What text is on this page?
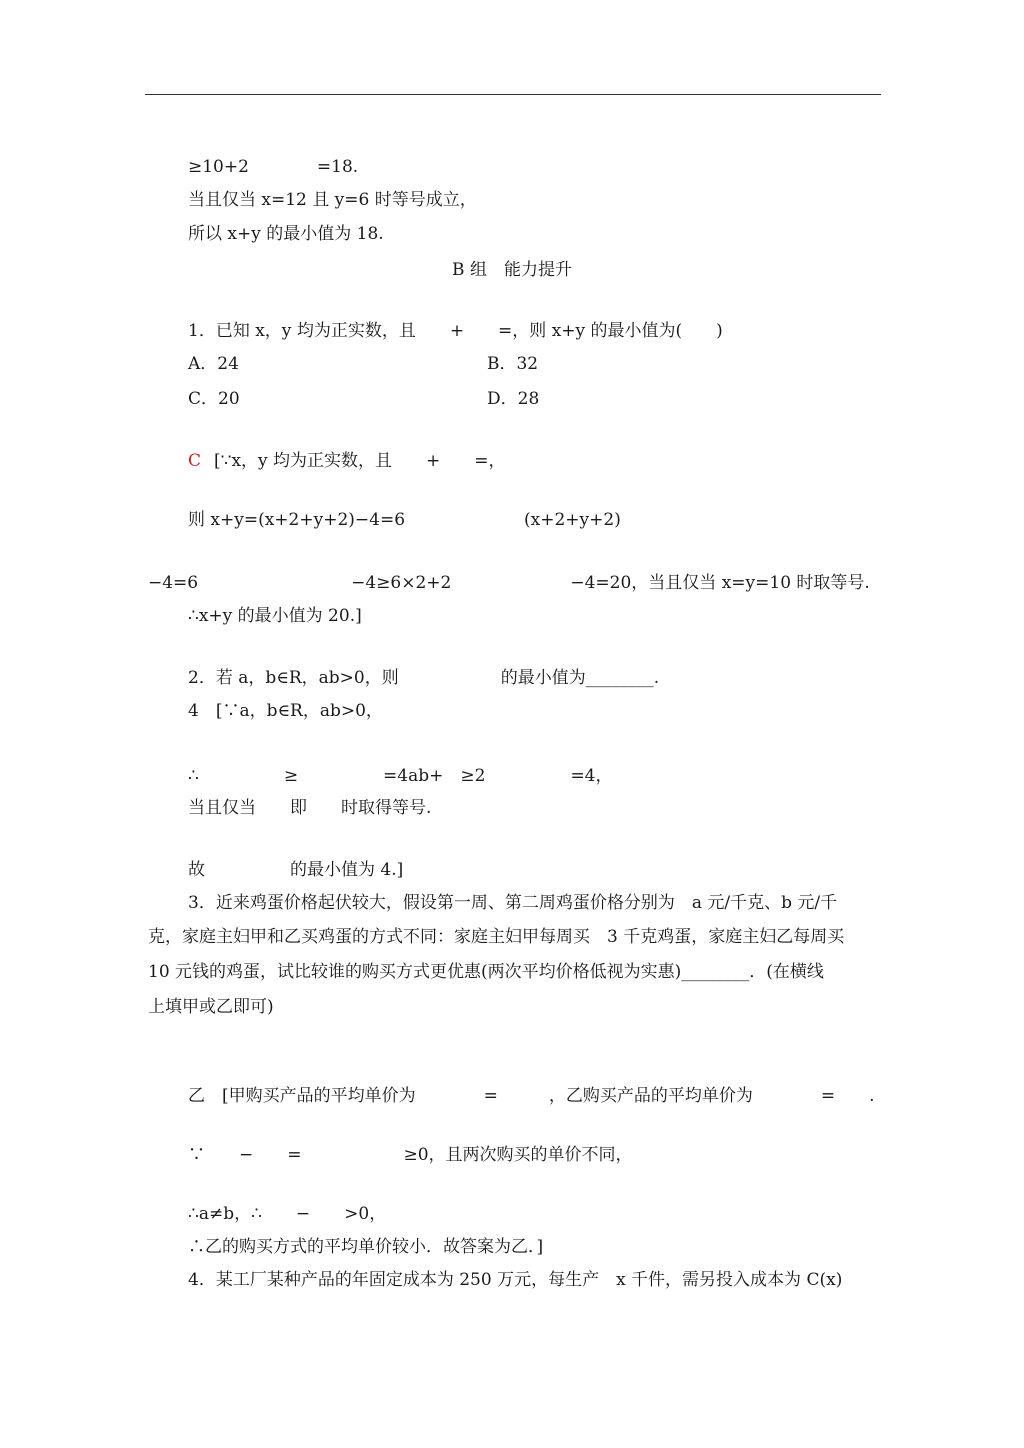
≥10+2　　　　=18.
当且仅当 x=12 且 y=6 时等号成立，
所以 x+y 的最小值为 18.
B 组　能力提升
1．已知 x，y 均为正实数，且　　+　　=，则 x+y 的最小值为(　　)
A．24	B．32
C．20	D．28
C [∵x，y 均为正实数，且　　+　　=，
则 x+y=(x+2+y+2)−4=6　　　　　　　(x+2+y+2)
−4=6　　　　　　　　　−4≥6×2+2　　　　　　　−4=20，当且仅当 x=y=10 时取等号.
∴x+y 的最小值为 20.]
2．若 a，b∈R，ab>0，则　　　　　　的最小值为________.
4　[∵a，b∈R，ab>0，
∴　　　　　≥　　　　　=4ab+　≥2　　　　　=4，
当且仅当　　即　　时取得等号.
故　　　　　的最小值为 4.]
3．近来鸡蛋价格起伏较大，假设第一周、第二周鸡蛋价格分别为　a 元/千克、b 元/千
克，家庭主妇甲和乙买鸡蛋的方式不同：家庭主妇甲每周买　3 千克鸡蛋，家庭主妇乙每周买
10 元钱的鸡蛋，试比较谁的购买方式更优惠(两次平均价格低视为实惠)________．(在横线
上填甲或乙即可)
乙　[甲购买产品的平均单价为　　　　=　　　，乙购买产品的平均单价为　　　　=　　.
∵　　−　　=　　　　　　≥0，且两次购买的单价不同，
∴a≠b，∴　　−　　>0，
∴乙的购买方式的平均单价较小．故答案为乙．]
4．某工厂某种产品的年固定成本为 250 万元，每生产　x 千件，需另投入成本为 C(x)
